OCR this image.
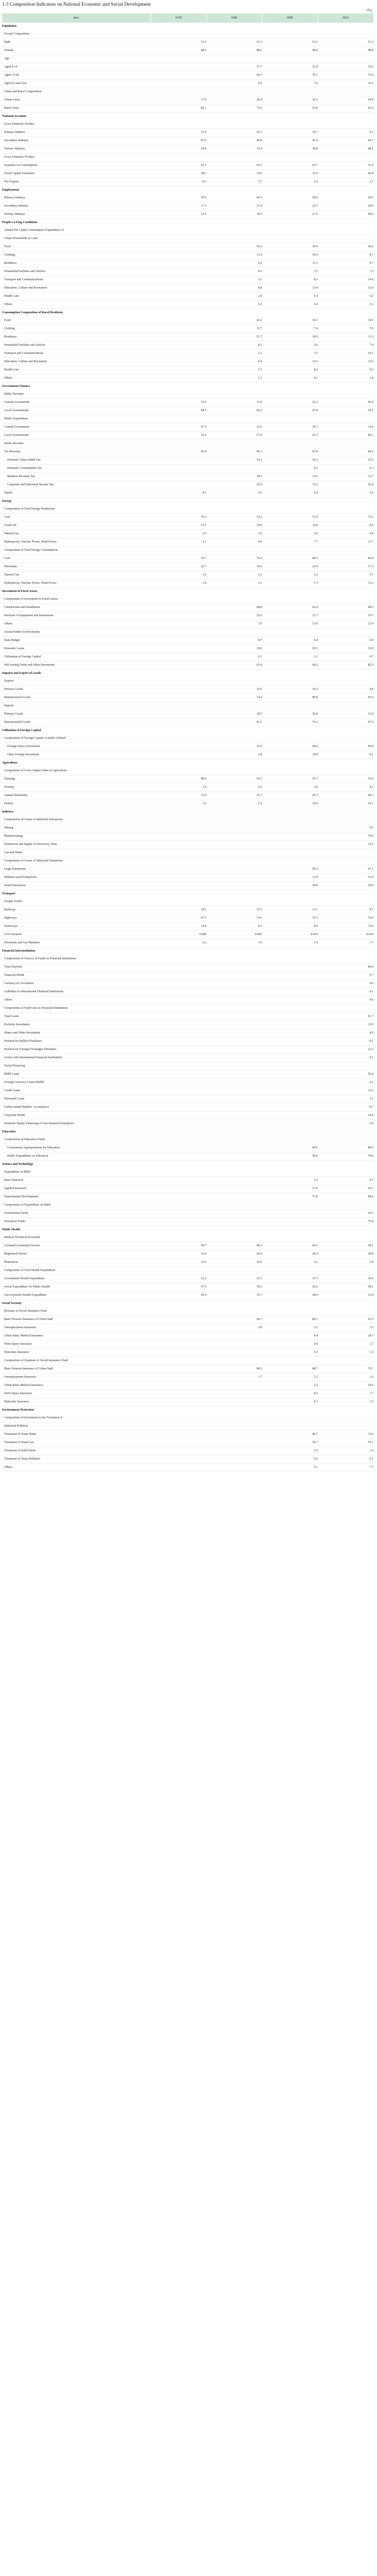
1-3 Composition Indicators on National Economic and Social Development
(%)
Item	1978	1990	2000	2014
Population				
Sexual Composition				
Male	51.5	51.5	51.6	51.2
Female	48.5	48.5	48.4	48.8
Age				
Aged 0-14		27.7	22.9	16.5
Aged 15-64		66.7	70.1	73.4
Aged 65 and Over		5.6	7.0	10.1
Urban and Rural Composition				
Urban Areas	17.9	26.4	36.2	54.8
Rural Areas	82.1	73.6	63.8	45.2
National Accounts				
Gross Domestic Product				
Primary Industry	27.9	26.7	14.7	9.2
Secondary Industry	47.6	40.9	45.4	42.7
Tertiary Industry	24.6	32.4	39.8	48.1
Gross Domestic Product				
Expenses on Consumption	62.1	63.3	63.7	51.4
Fixed Capital Formation	38.2	34.0	33.9	45.9
Net Exports	-0.3	2.7	2.4	2.7
Employment				
Primary Industry	70.5	60.1	50.0	29.5
Secondary Industry	17.3	21.4	22.5	29.9
Tertiary Industry	12.2	18.5	27.5	40.6
People's Living Conditions				
Annual Per Capita Consumption Expenditure of				
Urban Households in Cash				
Food		54.2	39.4	30.2
Clothing		13.4	10.0	8.7
Residence		6.9	11.3	9.7
Household Facilities and Articles		8.5	7.5	7.3
Transport and Communications		3.2	8.5	14.6
Education, Culture and Recreation		8.8	13.4	12.6
Health Care		2.0	6.4	6.2
Others		5.2	3.4	3.2
Consumption Composition of Rural Residents				
Food		41.6	36.1	34.5
Clothing		11.7	7.4	7.6
Residence		21.7	18.0	11.3
Household Facilities and Articles		8.2	5.6	7.4
Transport and Communications		2.2	7.2	10.1
Education, Culture and Recreation		8.4	14.5	12.6
Health Care		5.1	8.6	9.2
Others		1.1	4.1	2.4
Government Finance				
Public Revenue				
Central Government	15.5	33.8	52.2	45.9
Local Governments	84.5	66.2	47.8	54.1
Public Expenditure				
Central Government	47.4	32.6	34.7	14.9
Local Governments	52.6	67.4	65.3	85.1
Public Revenue				
Tax Revenue	45.9	96.1	93.9	84.9
Domestic Value-added Tax		14.2	36.2	22.5
Domestic Consumption Tax			6.5	6.3
Business Revenue Tax		18.3	14.5	12.7
Corporate and Individual Income Tax		25.4	13.2	22.8
Tariffs	8.5	5.6	6.0	2.0
Energy				
Composition of Total Energy Production				
Coal	70.3	74.2	72.9	73.2
Crude Oil	23.7	19.0	16.8	8.4
Natural Gas	2.9	2.0	2.6	4.8
Hydropower, Nuclear Power, Wind Power	3.1	4.8	7.7	13.7
Composition of Total Energy Consumption				
Coal	70.7	76.2	68.5	66.0
Petroleum	22.7	16.6	22.0	17.1
Natural Gas	3.2	2.1	2.2	5.7
Hydropower, Nuclear Power, Wind Power	3.4	5.1	7.3	11.2
Investment in Fixed Assets				
Composition of Investment in Fixed Assets				
Construction and Installation		68.8	62.4	68.3
Purchase of Equipment and Instruments		25.6	23.7	19.7
Others		7.6	13.9	12.0
Actual Funds for Investment				
State Budget		8.7	6.4	4.9
Domestic Loans		19.6	20.3	12.0
Utilization of Foreign Capital		6.3	5.1	0.7
Self-raising Funds and Other Investment		65.4	68.2	82.3
Imports and Export of Goods				
Exports				
Primary Goods		25.6	10.2	4.8
Manufactured Goods		74.4	89.8	95.2
Imports				
Primary Goods		18.5	20.8	33.0
Manufactured Goods		81.5	79.2	67.0
Utilization of Foreign Capital				
Composition of Foreign Capital Actually Utilized				
Foreign Direct Investment		33.9	68.6	99.9
Other Foreign Investment		2.8	14.8	0.1
Agriculture				
Composition of Gross Output Value of Agriculture				
Farming	80.0	64.7	55.7	53.6
Forestry	3.4	4.3	3.8	4.2
Animal Husbandry	15.0	25.7	29.7	28.3
Fishery	1.6	5.4	10.9	10.1
Industry				
Composition of Assets of Industrial Enterprises				
Mining				9.9
Manufacturing				76.6
Production and Supply of Electricity, Heat,				13.5
Gas and Water				
Composition of Assets of Industrial Enterprises				
Large Enterprises			50.3	47.1
Medium-sized Enterprises			12.9	23.9
Small Enterprises			36.8	29.0
Transport				
Freight Traffic				
Railways	34.5	15.5	13.1	8.7
Highways	47.5	74.6	76.5	76.0
Waterways	14.8	8.3	8.0	13.6
Civil Aviation	0.000	0.001	0.014	0.014
Petroleum and Gas Pipelines	3.2	1.6	1.4	1.7
Financial Intermediation				
Composition of Sources of Funds in Financial Institutions				
Total Deposits				86.0
Financial Bonds				0.7
Currency in Circulation				4.6
Liabilities to International Financial Institutions				0.1
Others				8.6
Composition of Fund Uses in Financial Institutions				
Total Loans				61.7
Portfolio Investment				11.0
Shares and Other Investment				4.9
Position for Bullion Purchases				0.1
Position for Foreign Exchanges Purchases				22.3
Assets with International Financial Institutions				0.1
Social Financing				
RMB Loans				59.4
Foreign Currency Loans (RMB)				2.2
Credit Loans				15.2
Entrusted Loans				3.1
Undiscounted Bankers' Acceptances				-0.7
Corporate Bonds				14.8
Domestic Equity Financing of Non-financial Enterprises				2.6
Education				
Composition of Education Funds				
Government Appropriations for Education			66.6	80.6
Public Expenditure on Education			58.8	70.6
Science and Technology				
Expenditure on R&D				
Basic Research			5.2	4.7
Applied Research			17.0	10.7
Experimental Development			77.8	84.6
Composition of Expenditure on R&D				
Government Funds				20.3
Enterprise Funds				75.4
Public Health				
Medical Technical Personnel				
Licensed (Assistant) Doctors	39.7	40.2	40.2	38.1
Registered Nurses	16.4	26.0	28.2	39.8
Pharmacist	15.6	10.6	9.2	5.4
Composition of Total Health Expenditure				
Government Health Expenditure	32.2	25.1	15.5	30.0
Social Expenditure for Public Health	47.4	39.2	25.6	38.1
Out-of-pocket Health Expenditure	20.4	35.7	58.9	32.0
Social Security				
Revenue of Social Insurance Fund				
Basic Pension Insurance of Urban Staff		96.7	86.1	65.3
Unemployment Insurance		3.8	5.1	3.5
Urban Basic Medical Insurance			6.4	24.3
Work Injury Insurance			0.9	1.7
Maternity Insurance			0.3	1.3
Composition of Expenses of Social Insurance Fund				
Basic Pension Insurance of Urban Staff		98.3	88.7	70.7
Unemployment Insurance		1.7	5.2	1.6
Urban Basic Medical Insurance			5.2	24.6
Work Injury Insurance			0.6	1.7
Maternity Insurance			0.3	1.5
Environment Protection				
Composition of Investment in the Treatment of				
Industrial Pollution				
Treatment of Waste Water			46.7	11.6
Treatment of Waste Gas			36.7	79.1
Treatment of Solid Waste			5.5	1.5
Treatment of Noise Pollution			0.6	0.1
Others			9.1	7.7
